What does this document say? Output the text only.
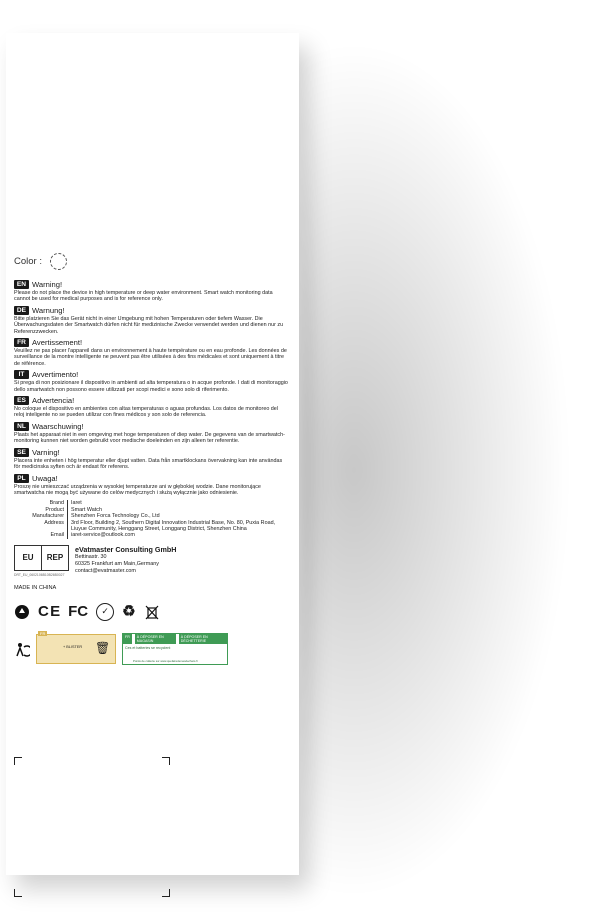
Color :
EN Warning!
Please do not place the device in high temperature or deep water environment. Smart watch monitoring data cannot be used for medical purposes and is for reference only.
DE Warnung!
Bitte platzieren Sie das Gerät nicht in einer Umgebung mit hohen Temperaturen oder tiefem Wasser. Die Überwachungsdaten der Smartwatch dürfen nicht für medizinische Zwecke verwendet werden und dienen nur zu Referenzzwecken.
FR Avertissement!
Veuillez ne pas placer l'appareil dans un environnement à haute température ou en eau profonde. Les données de surveillance de la montre intelligente ne peuvent pas être utilisées à des fins médicales et sont uniquement à titre de référence.
IT Avvertimento!
Si prega di non posizionare il dispositivo in ambienti ad alta temperatura o in acque profonde. I dati di monitoraggio dello smartwatch non possono essere utilizzati per scopi medici e sono solo di riferimento.
ES Advertencia!
No coloque el dispositivo en ambientes con altas temperaturas o aguas profundas. Los datos de monitoreo del reloj inteligente no se pueden utilizar con fines médicos y son solo de referencia.
NL Waarschuwing!
Plaats het apparaat niet in een omgeving met hoge temperaturen of diep water. De gegevens van de smartwatch-monitoring kunnen niet worden gebruikt voor medische doeleinden en zijn alleen ter referentie.
SE Varning!
Placera inte enheten i hög temperatur eller djupt vatten. Data från smartklockans övervakning kan inte användas för medicinska syften och är endast för referens.
PL Uwaga!
Proszę nie umieszczać urządzenia w wysokiej temperaturze ani w głębokiej wodzie. Dane monitorujące smartwatcha nie mogą być używane do celów medycznych i służą wyłącznie jako odniesienie.
Brand Iaret
Product Smart Watch
Manufacturer Shenzhen Forca Technology Co., Ltd
Address 3rd Floor, Building 2, Southern Digital Innovation Industrial Base, No. 80, Puxia Road, Liuyue Community, Henggang Street, Longgang District, Shenzhen China
Email iaret-service@outlook.com
EU	REP
DRT_EU_0602106B10B26B0027
eVatmaster Consulting GmbH
Bettinastr. 30
60325 Frankfurt am Main,Germany
contact@evatmaster.com
MADE IN CHINA
C E FC	✓ ♻
FR
+ BLISTER 🗑
FR	À DÉPOSER EN MAGASIN
À DÉPOSER EN DÉCHETTERIE
Ces et batteries se recyclent
Points de collecte sur www.quefairedemesdechets.fr
